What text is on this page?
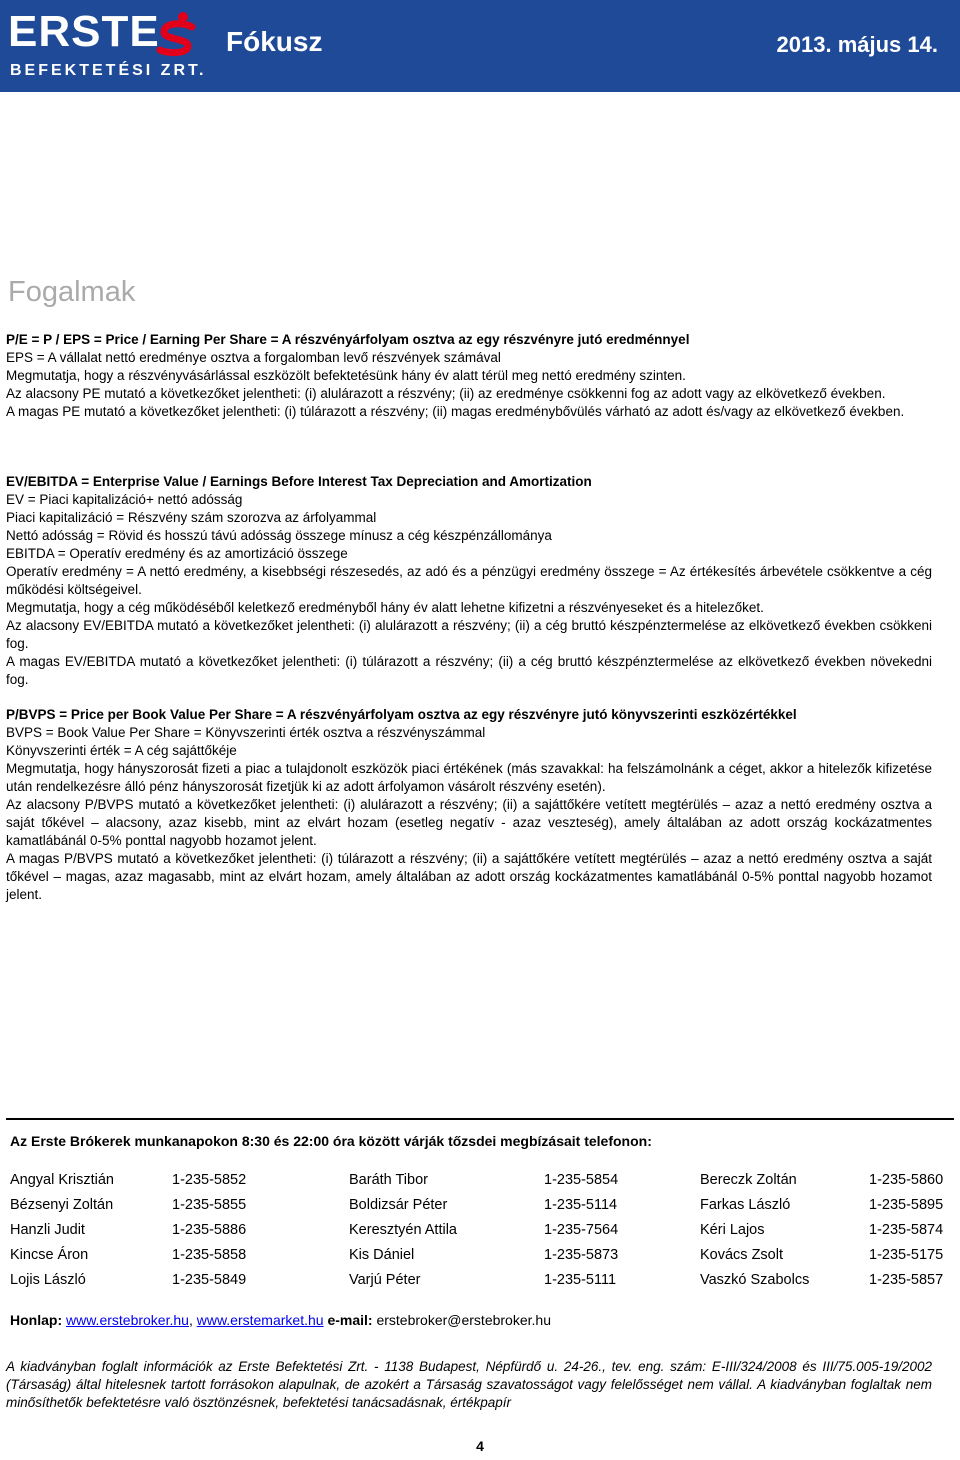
ERSTE
BEFEKTETÉSI ZRT.
Fókusz	2013. május 14.
Fogalmak

P/E = P / EPS = Price / Earning Per Share = A részvényárfolyam osztva az egy részvényre jutó eredménnyel

EPS = A vállalat nettó eredménye osztva a forgalomban levő részvények számával

Megmutatja, hogy a részvényvásárlással eszközölt befektetésünk hány év alatt térül meg nettó eredmény szinten.

Az alacsony PE mutató a következőket jelentheti: (i) alulárazott a részvény; (ii) az eredménye csökkenni fog az adott vagy az elkövetkező években.

A magas PE mutató a következőket jelentheti: (i) túlárazott a részvény; (ii) magas eredménybővülés várható az adott és/vagy az elkövetkező években.

EV/EBITDA = Enterprise Value / Earnings Before Interest Tax Depreciation and Amortization

EV = Piaci kapitalizáció+ nettó adósság

Piaci kapitalizáció = Részvény szám szorozva az árfolyammal

Nettó adósság = Rövid és hosszú távú adósság összege mínusz a cég készpénzállománya

EBITDA = Operatív eredmény és az amortizáció összege

Operatív eredmény = A nettó eredmény, a kisebbségi részesedés, az adó és a pénzügyi eredmény összege = Az értékesítés árbevétele csökkentve a cég működési költségeivel.

Megmutatja, hogy a cég működéséből keletkező eredményből hány év alatt lehetne kifizetni a részvényeseket és a hitelezőket.

Az alacsony EV/EBITDA mutató a következőket jelentheti: (i) alulárazott a részvény; (ii) a cég bruttó készpénztermelése az elkövetkező években csökkeni fog.

A magas EV/EBITDA mutató a következőket jelentheti: (i) túlárazott a részvény; (ii) a cég bruttó készpénztermelése az elkövetkező években növekedni fog.

P/BVPS = Price per Book Value Per Share = A részvényárfolyam osztva az egy részvényre jutó könyvszerinti eszközértékkel

BVPS = Book Value Per Share = Könyvszerinti érték osztva a részvényszámmal

Könyvszerinti érték = A cég sajáttőkéje

Megmutatja, hogy hányszorosát fizeti a piac a tulajdonolt eszközök piaci értékének (más szavakkal: ha felszámolnánk a céget, akkor a hitelezők kifizetése után rendelkezésre álló pénz hányszorosát fizetjük ki az adott árfolyamon vásárolt részvény esetén).

Az alacsony P/BVPS mutató a következőket jelentheti: (i) alulárazott a részvény; (ii) a sajáttőkére vetített megtérülés – azaz a nettó eredmény osztva a saját tőkével – alacsony, azaz kisebb, mint az elvárt hozam (esetleg negatív - azaz veszteség), amely általában az adott ország kockázatmentes kamatlábánál 0-5% ponttal nagyobb hozamot jelent.

A magas P/BVPS mutató a következőket jelentheti: (i) túlárazott a részvény; (ii) a sajáttőkére vetített megtérülés – azaz a nettó eredmény osztva a saját tőkével – magas, azaz magasabb, mint az elvárt hozam, amely általában az adott ország kockázatmentes kamatlábánál 0-5% ponttal nagyobb hozamot jelent.

Az Erste Brókerek munkanapokon 8:30 és 22:00 óra között várják tőzsdei megbízásait telefonon:
Angyal Krisztián	1-235-5852	Baráth Tibor	1-235-5854	Bereczk Zoltán	1-235-5860
Bézsenyi Zoltán	1-235-5855	Boldizsár Péter	1-235-5114	Farkas László	1-235-5895
Hanzli Judit	1-235-5886	Keresztyén Attila	1-235-7564	Kéri Lajos	1-235-5874
Kincse Áron	1-235-5858	Kis Dániel	1-235-5873	Kovács Zsolt	1-235-5175
Lojis László	1-235-5849	Varjú Péter	1-235-5111	Vaszkó Szabolcs	1-235-5857
Honlap: www.erstebroker.hu, www.erstemarket.hu e-mail: erstebroker@erstebroker.hu
A kiadványban foglalt információk az Erste Befektetési Zrt. - 1138 Budapest, Népfürdő u. 24-26., tev. eng. szám: E-III/324/2008 és III/75.005-19/2002 (Társaság) által hitelesnek tartott forrásokon alapulnak, de azokért a Társaság szavatosságot vagy felelősséget nem vállal. A kiadványban foglaltak nem minősíthetők befektetésre való ösztönzésnek, befektetési tanácsadásnak, értékpapír
4
